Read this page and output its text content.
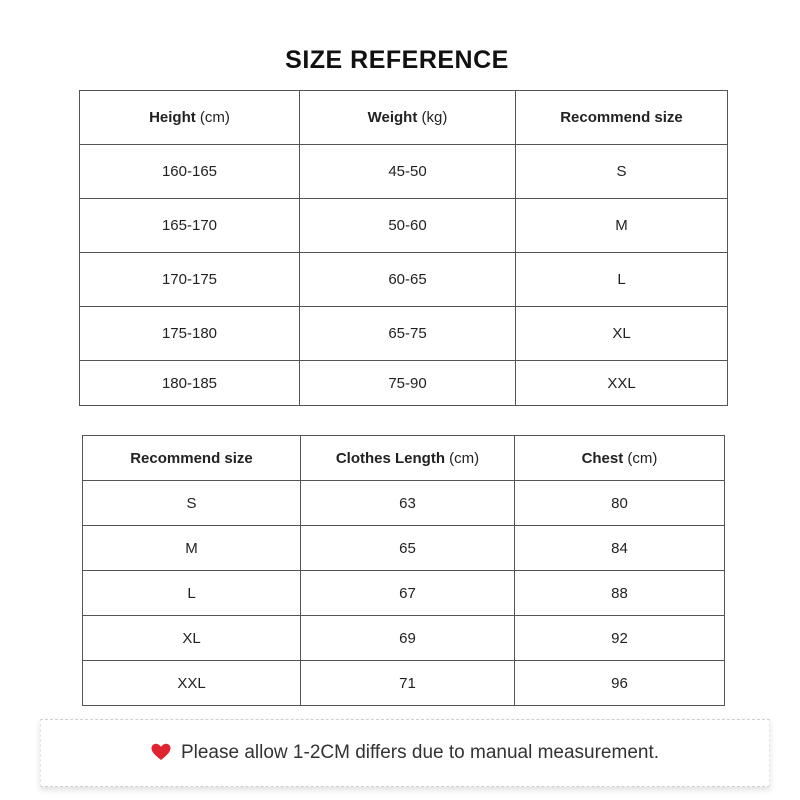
SIZE REFERENCE
Height (cm)	Weight (kg)	Recommend size
160-165	45-50	S
165-170	50-60	M
170-175	60-65	L
175-180	65-75	XL
180-185	75-90	XXL
Recommend size	Clothes Length (cm)	Chest (cm)
S	63	80
M	65	84
L	67	88
XL	69	92
XXL	71	96
Please allow 1-2CM differs due to manual measurement.
